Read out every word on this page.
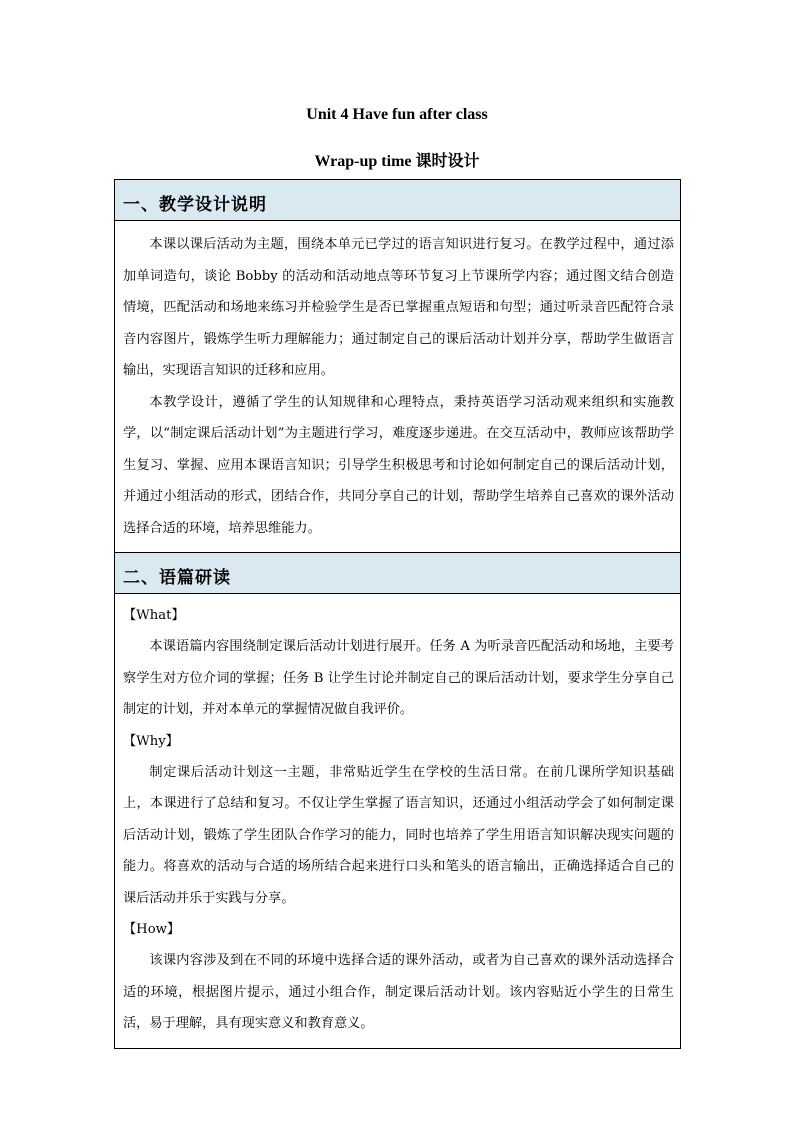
Unit 4 Have fun after class
Wrap-up time 课时设计
一、教学设计说明

本课以课后活动为主题，围绕本单元已学过的语言知识进行复习。在教学过程中，通过添加单词造句，谈论 Bobby 的活动和活动地点等环节复习上节课所学内容；通过图文结合创造情境，匹配活动和场地来练习并检验学生是否已掌握重点短语和句型；通过听录音匹配符合录音内容图片，锻炼学生听力理解能力；通过制定自己的课后活动计划并分享，帮助学生做语言输出，实现语言知识的迁移和应用。

本教学设计，遵循了学生的认知规律和心理特点，秉持英语学习活动观来组织和实施教学，以“制定课后活动计划”为主题进行学习，难度逐步递进。在交互活动中，教师应该帮助学生复习、掌握、应用本课语言知识；引导学生积极思考和讨论如何制定自己的课后活动计划，并通过小组活动的形式，团结合作，共同分享自己的计划，帮助学生培养自己喜欢的课外活动选择合适的环境，培养思维能力。

二、语篇研读

【What】

本课语篇内容围绕制定课后活动计划进行展开。任务 A 为听录音匹配活动和场地，主要考察学生对方位介词的掌握；任务 B 让学生讨论并制定自己的课后活动计划，要求学生分享自己制定的计划，并对本单元的掌握情况做自我评价。

【Why】

制定课后活动计划这一主题，非常贴近学生在学校的生活日常。在前几课所学知识基础上，本课进行了总结和复习。不仅让学生掌握了语言知识，还通过小组活动学会了如何制定课后活动计划，锻炼了学生团队合作学习的能力，同时也培养了学生用语言知识解决现实问题的能力。将喜欢的活动与合适的场所结合起来进行口头和笔头的语言输出，正确选择适合自己的课后活动并乐于实践与分享。

【How】

该课内容涉及到在不同的环境中选择合适的课外活动，或者为自己喜欢的课外活动选择合适的环境，根据图片提示，通过小组合作，制定课后活动计划。该内容贴近小学生的日常生活，易于理解，具有现实意义和教育意义。
